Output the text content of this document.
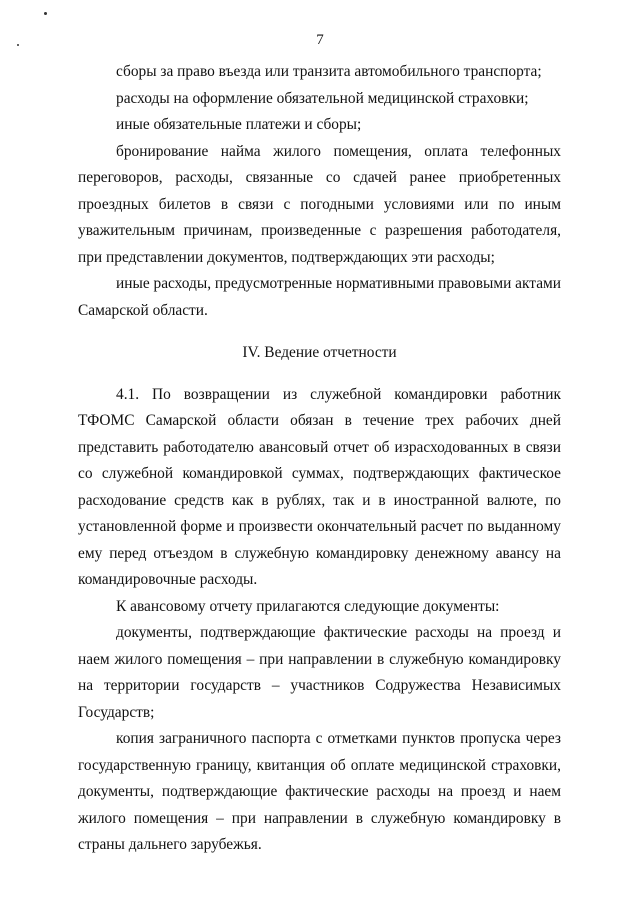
7

сборы за право въезда или транзита автомобильного транспорта;

расходы на оформление обязательной медицинской страховки;

иные обязательные платежи и сборы;

бронирование найма жилого помещения, оплата телефонных переговоров, расходы, связанные со сдачей ранее приобретенных проездных билетов в связи с погодными условиями или по иным уважительным причинам, произведенные с разрешения работодателя, при представлении документов, подтверждающих эти расходы;

иные расходы, предусмотренные нормативными правовыми актами Самарской области.

IV. Ведение отчетности

4.1. По возвращении из служебной командировки работник ТФОМС Самарской области обязан в течение трех рабочих дней представить работодателю авансовый отчет об израсходованных в связи со служебной командировкой суммах, подтверждающих фактическое расходование средств как в рублях, так и в иностранной валюте, по установленной форме и произвести окончательный расчет по выданному ему перед отъездом в служебную командировку денежному авансу на командировочные расходы.

К авансовому отчету прилагаются следующие документы:

документы, подтверждающие фактические расходы на проезд и наем жилого помещения – при направлении в служебную командировку на территории государств – участников Содружества Независимых Государств;

копия заграничного паспорта с отметками пунктов пропуска через государственную границу, квитанция об оплате медицинской страховки, документы, подтверждающие фактические расходы на проезд и наем жилого помещения – при направлении в служебную командировку в страны дальнего зарубежья.
